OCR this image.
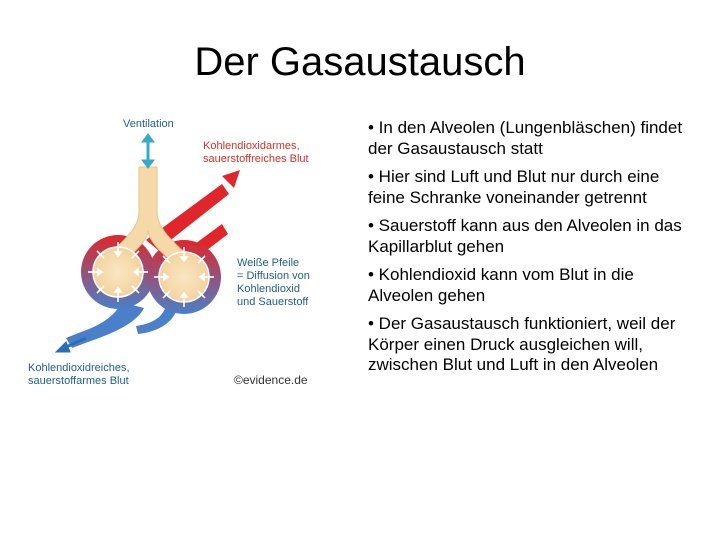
Der Gasaustausch
Ventilation
Kohlendioxidarmes,
sauerstoffreiches Blut
Weiße Pfeile
= Diffusion von
Kohlendioxid
und Sauerstoff
Kohlendioxidreiches,
sauerstoffarmes Blut	©evidence.de

• In den Alveolen (Lungenbläschen) findet der Gasaustausch statt

• Hier sind Luft und Blut nur durch eine feine Schranke voneinander getrennt

• Sauerstoff kann aus den Alveolen in das Kapillarblut gehen

• Kohlendioxid kann vom Blut in die Alveolen gehen

• Der Gasaustausch funktioniert, weil der Körper einen Druck ausgleichen will, zwischen Blut und Luft in den Alveolen
